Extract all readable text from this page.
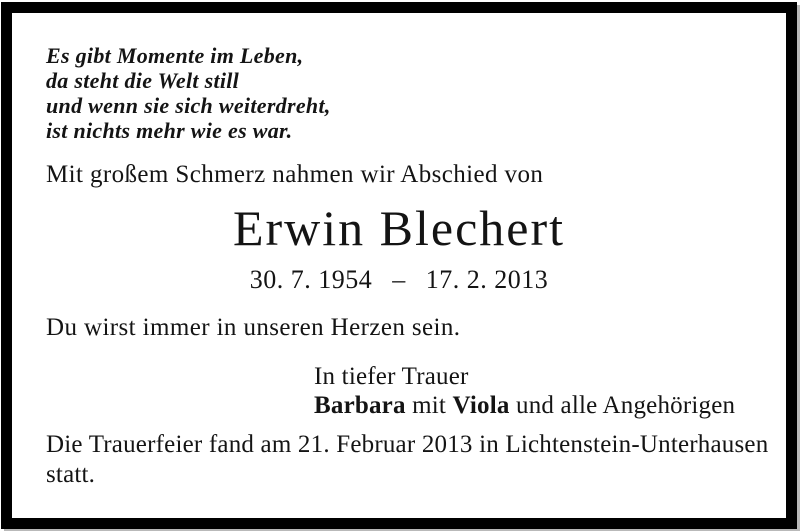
Es gibt Momente im Leben,
da steht die Welt still
und wenn sie sich weiterdreht,
ist nichts mehr wie es war.

Mit großem Schmerz nahmen wir Abschied von

Erwin Blechert
30. 7. 1954 – 17. 2. 2013

Du wirst immer in unseren Herzen sein.

In tiefer Trauer
Barbara mit Viola und alle Angehörigen

Die Trauerfeier fand am 21. Februar 2013 in Lichtenstein-Unterhausen
statt.
